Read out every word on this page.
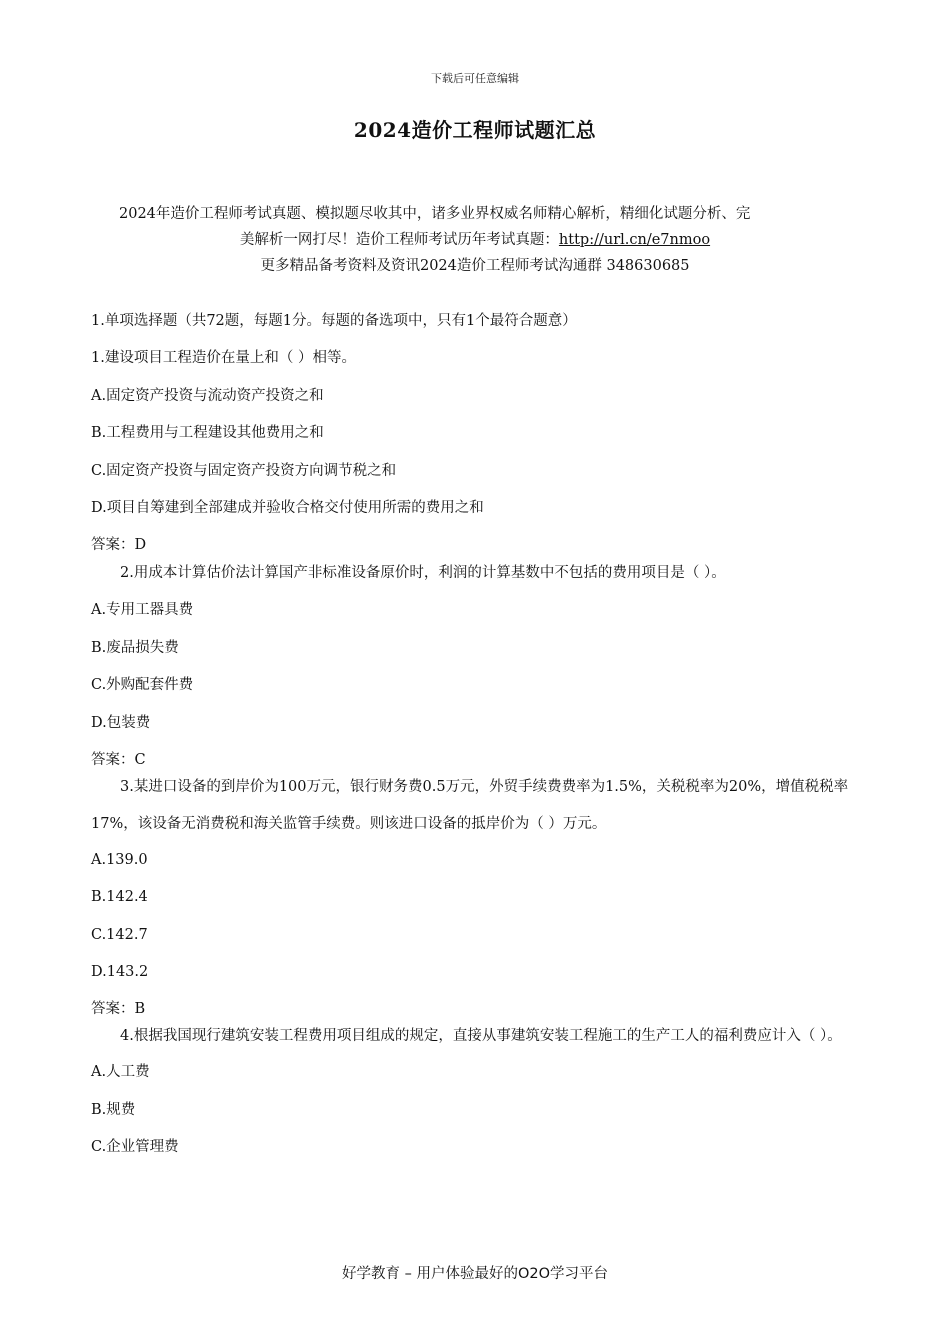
下载后可任意编辑
2024造价工程师试题汇总
2024年造价工程师考试真题、模拟题尽收其中，诸多业界权威名师精心解析，精细化试题分析、完
美解析一网打尽！造价工程师考试历年考试真题：http://url.cn/e7nmoo
更多精品备考资料及资讯2024造价工程师考试沟通群 348630685
1.单项选择题（共72题，每题1分。每题的备选项中，只有1个最符合题意）
1.建设项目工程造价在量上和（ ）相等。
A.固定资产投资与流动资产投资之和
B.工程费用与工程建设其他费用之和
C.固定资产投资与固定资产投资方向调节税之和
D.项目自筹建到全部建成并验收合格交付使用所需的费用之和
答案：D
2.用成本计算估价法计算国产非标准设备原价时，利润的计算基数中不包括的费用项目是（ ）。
A.专用工器具费
B.废品损失费
C.外购配套件费
D.包装费
答案：C
3.某进口设备的到岸价为100万元，银行财务费0.5万元，外贸手续费费率为1.5%，关税税率为20%，增值税税率17%，该设备无消费税和海关监管手续费。则该进口设备的抵岸价为（ ）万元。
A.139.0
B.142.4
C.142.7
D.143.2
答案：B
4.根据我国现行建筑安装工程费用项目组成的规定，直接从事建筑安装工程施工的生产工人的福利费应计入（ ）。
A.人工费
B.规费
C.企业管理费
好学教育 – 用户体验最好的O2O学习平台
